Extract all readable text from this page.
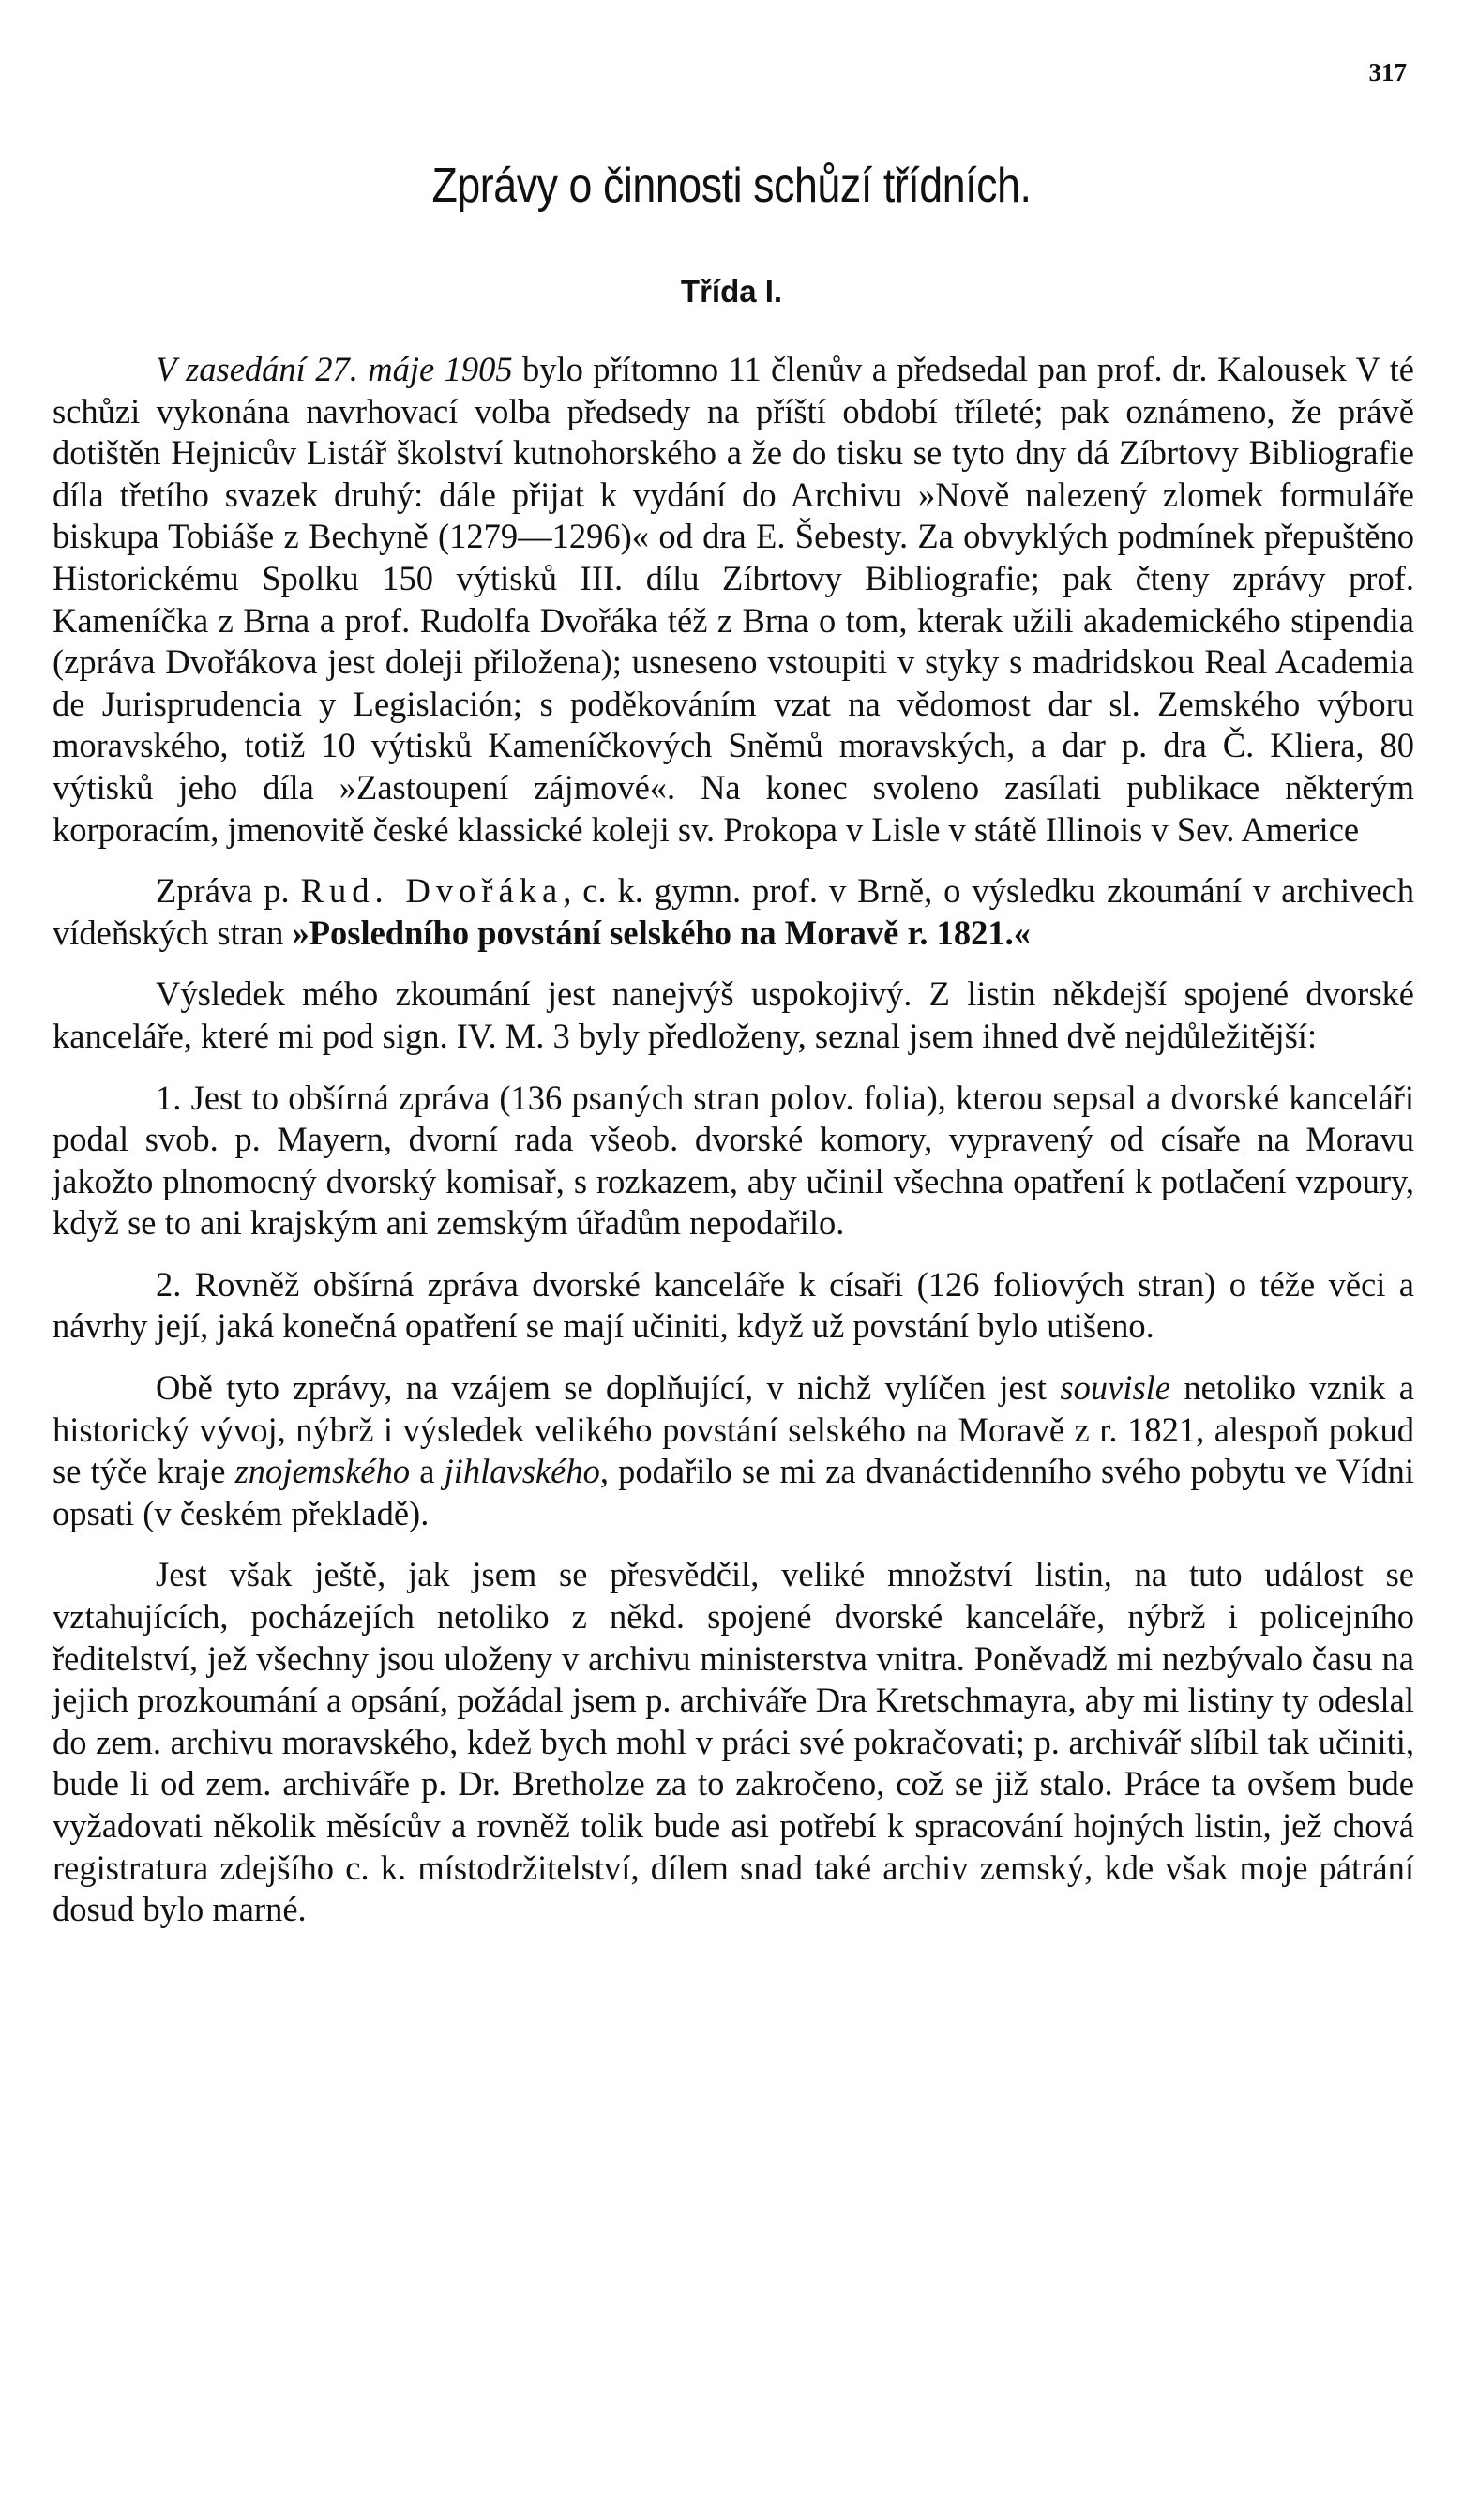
317
Zprávy o činnosti schůzí třídních.
Třída I.

V zasedání 27. máje 1905 bylo přítomno 11 členův a předsedal pan prof. dr. Kalousek V té schůzi vykonána navrhovací volba předsedy na příští období tříleté; pak oznámeno, že právě dotištěn Hejnicův Listář školství kutnohorského a že do tisku se tyto dny dá Zíbrtovy Bibliografie díla třetího svazek druhý: dále přijat k vydání do Archivu »Nově nalezený zlomek formuláře biskupa Tobiáše z Bechyně (1279—1296)« od dra E. Šebesty. Za obvyklých podmínek přepuštěno Historickému Spolku 150 výtisků III. dílu Zíbrtovy Bibliografie; pak čteny zprávy prof. Kameníčka z Brna a prof. Rudolfa Dvořáka též z Brna o tom, kterak užili akademického stipendia (zpráva Dvořákova jest doleji přiložena); usneseno vstoupiti v styky s madridskou Real Academia de Jurisprudencia y Legislación; s poděkováním vzat na vědomost dar sl. Zemského výboru moravského, totiž 10 výtisků Kameníčkových Sněmů moravských, a dar p. dra Č. Kliera, 80 výtisků jeho díla »Zastoupení zájmové«. Na konec svoleno zasílati publikace některým korporacím, jmenovitě české klassické koleji sv. Prokopa v Lisle v státě Illinois v Sev. Americe

Zpráva p. Rud. Dvořáka, c. k. gymn. prof. v Brně, o výsledku zkoumání v archivech vídeňských stran »Posledního povstání selského na Moravě r. 1821.«

Výsledek mého zkoumání jest nanejvýš uspokojivý. Z listin někdejší spojené dvorské kanceláře, které mi pod sign. IV. M. 3 byly předloženy, seznal jsem ihned dvě nejdůležitější:

1. Jest to obšírná zpráva (136 psaných stran polov. folia), kterou sepsal a dvorské kanceláři podal svob. p. Mayern, dvorní rada všeob. dvorské komory, vypravený od císaře na Moravu jakožto plnomocný dvorský komisař, s rozkazem, aby učinil všechna opatření k potlačení vzpoury, když se to ani krajským ani zemským úřadům nepodařilo.

2. Rovněž obšírná zpráva dvorské kanceláře k císaři (126 foliových stran) o téže věci a návrhy její, jaká konečná opatření se mají učiniti, když už povstání bylo utišeno.

Obě tyto zprávy, na vzájem se doplňující, v nichž vylíčen jest souvisle netoliko vznik a historický vývoj, nýbrž i výsledek velikého povstání selského na Moravě z r. 1821, alespoň pokud se týče kraje znojemského a jihlavského, podařilo se mi za dvanáctidenního svého pobytu ve Vídni opsati (v českém překladě).

Jest však ještě, jak jsem se přesvědčil, veliké množství listin, na tuto událost se vztahujících, pocházejích netoliko z někd. spojené dvorské kanceláře, nýbrž i policejního ředitelství, jež všechny jsou uloženy v archivu ministerstva vnitra. Poněvadž mi nezbývalo času na jejich prozkoumání a opsání, požádal jsem p. archiváře Dra Kretschmayra, aby mi listiny ty odeslal do zem. archivu moravského, kdež bych mohl v práci své pokračovati; p. archivář slíbil tak učiniti, bude li od zem. archiváře p. Dr. Bretholze za to zakročeno, což se již stalo. Práce ta ovšem bude vyžadovati několik měsícův a rovněž tolik bude asi potřebí k spracování hojných listin, jež chová registratura zdejšího c. k. místodržitelství, dílem snad také archiv zemský, kde však moje pátrání dosud bylo marné.
